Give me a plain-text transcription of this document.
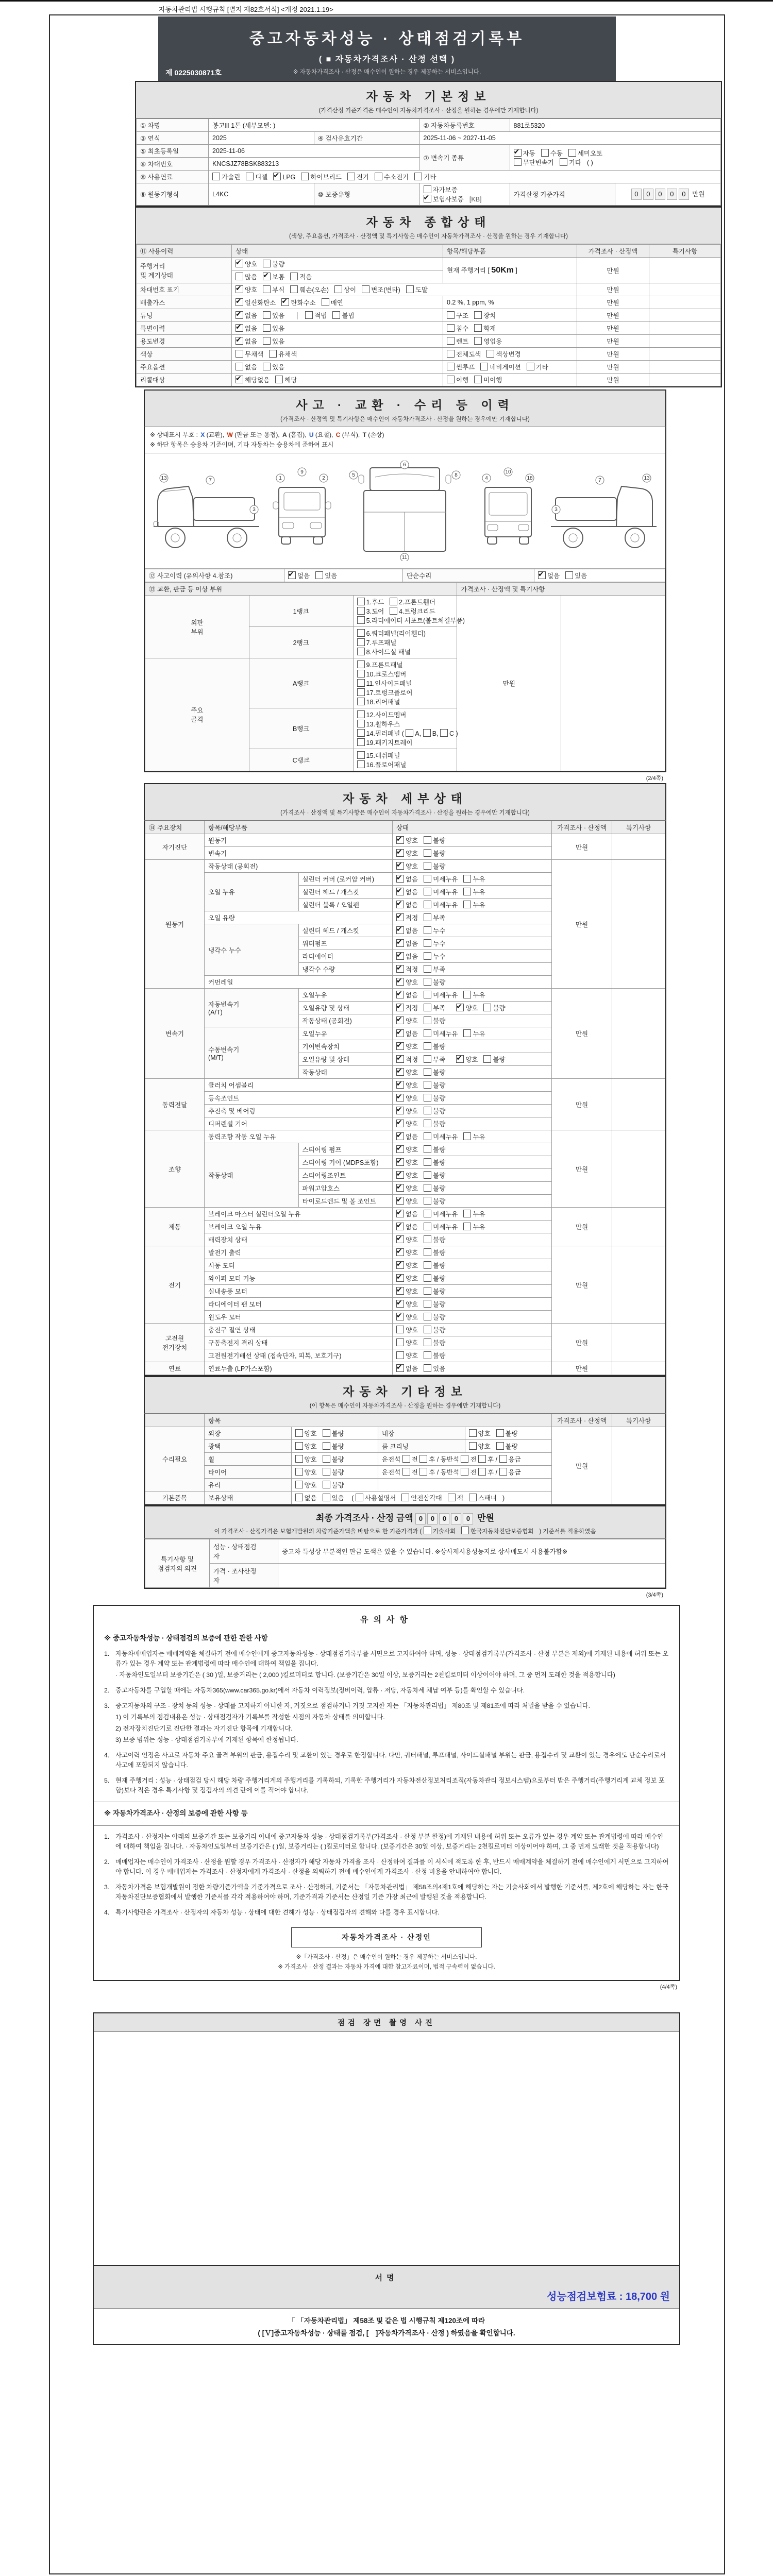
자동차관리법 시행규칙 [별지 제82호서식] <개정 2021.1.19>
중고자동차성능 · 상태점검기록부
( ■ 자동차가격조사 · 산정 선택 )
※ 자동차가격조사 · 산정은 매수인이 원하는 경우 제공하는 서비스입니다.
제 0225030871호
자동차 기본정보
(가격산정 기준가격은 매수인이 자동차가격조사 · 산정을 원하는 경우에만 기재합니다)
① 차명	봉고Ⅲ 1톤 (세부모델: )		② 자동차등록번호	881로5320	
③ 연식	2025	④ 검사유효기간	2025-11-06 ~ 2027-11-05		
⑤ 최초등록일	2025-11-06		⑦ 변속기 종류	✔자동 수동 세미오토
무단변속기 기타 ( )
⑥ 차대번호	KNCSJZ78BSK883213				
⑧ 사용연료	가솔린 디젤 ✔ LPG 하이브리드 전기 수소전기 기타
⑨ 원동기형식	L4KC	⑩ 보증유형	자가보증✔보험사보증 [KB]	가격산정 기준가격	0 0 0 0 0 만원
자동차 종합상태
(색상, 주요옵션, 가격조사 · 산정액 및 특기사항은 매수인이 자동차가격조사 · 산정을 원하는 경우 기재합니다)
⑪ 사용이력	상태	항목/해당부품	가격조사 · 산정액	특기사항
주행거리
및 계기상태	✔양호 불량	현재 주행거리 [ 50Km ]	만원	
	많음 ✔ 보통 적음
차대번호 표기	✔양호 부식 훼손(오손) 상이 변조(변타) 도말		만원	
배출가스	✔일산화탄소 ✔ 탄화수소 매연	0.2 %, 1 ppm, %	만원	
튜닝	✔없음 있음 적법 불법	구조 장치	만원	
특별이력	✔없음 있음	침수 화재	만원	
용도변경	✔없음 있음	렌트 영업용	만원	
색상	무채색 유채색	전체도색 색상변경	만원	
주요옵션	없음 있음	썬루프 네비게이션 기타	만원	
리콜대상	✔해당없음 해당	이행 미이행	만원	
사고 · 교환 · 수리 등 이력
(가격조사 · 산정액 및 특기사항은 매수인이 자동차가격조사 · 산정을 원하는 경우에만 기재합니다)
※ 상태표시 부호 : X (교환), W (판금 또는 용접), A (흠집), U (요철), C (부식), T (손상)
※ 하단 항목은 승용차 기준이며, 기타 자동차는 승용차에 준하여 표시
13	7
3
1
9
2
5
6
8
11
4
10
18
3
7	13
⑫ 사고이력 (유의사항 4.참조)	✔없음 있음	단순수리	✔없음 있음
⑬ 교환, 판금 등 이상 부위			가격조사 · 산정액 및 특기사항	
외판
부위	1랭크	1.후드 2.프론트휀더3.도어 4.트렁크리드5.라디에이터 서포트(볼트체결부품)	만원	
	2랭크	6.쿼터패널(리어휀더)7.루프패널8.사이드실 패널		
주요
골격	A랭크	9.프론트패널10.크로스멤버11.인사이드패널17.트렁크플로어18.리어패널		
	B랭크	12.사이드멤버13.휠하우스14.필러패널 ( A, B, C )19.패키지트레이		
	C랭크	15.대쉬패널16.플로어패널		
(2/4쪽)
자동차 세부상태
(가격조사 · 산정액 및 특기사항은 매수인이 자동차가격조사 · 산정을 원하는 경우에만 기재합니다)
⑭ 주요장치	항목/해당부품		상태	가격조사 · 산정액	특기사항
자기진단	원동기	✔양호 불량	만원	
	변속기	✔양호 불량
원동기	작동상태 (공회전)	✔양호 불량	만원	
	오일 누유	실린더 커버 (로커암 커버)	✔없음 미세누유 누유
		실린더 헤드 / 개스킷	✔없음 미세누유 누유
		실린더 블록 / 오일팬	✔없음 미세누유 누유
	오일 유량	✔적정 부족
	냉각수 누수	실린더 헤드 / 개스킷	✔없음 누수
		워터펌프	✔없음 누수
		라디에이터	✔없음 누수
		냉각수 수량	✔적정 부족
	커먼레일	✔양호 불량
변속기	자동변속기
(A/T)	오일누유	✔없음 미세누유 누유	만원	
		오일유량 및 상태	✔적정 부족 ✔ 양호 불량
		작동상태 (공회전)	✔양호 불량
	수동변속기
(M/T)	오일누유	✔없음 미세누유 누유
		기어변속장치	✔양호 불량
		오일유량 및 상태	✔적정 부족 ✔ 양호 불량
		작동상태	✔양호 불량
동력전달	클러치 어셈블리	✔양호 불량	만원	
	등속조인트	✔양호 불량
	추진축 및 베어링	✔양호 불량
	디퍼렌셜 기어	✔양호 불량
조향	동력조향 작동 오일 누유	✔없음 미세누유 누유	만원	
	작동상태	스티어링 펌프	✔양호 불량
		스티어링 기어 (MDPS포함)	✔양호 불량
		스티어링조인트	✔양호 불량
		파워고압호스	✔양호 불량
		타이로드엔드 및 볼 조인트	✔양호 불량
제동	브레이크 마스터 실린더오일 누유	✔없음 미세누유 누유	만원	
	브레이크 오일 누유	✔없음 미세누유 누유
	배력장치 상태	✔양호 불량
전기	발전기 출력	✔양호 불량	만원	
	시동 모터	✔양호 불량
	와이퍼 모터 기능	✔양호 불량
	실내송풍 모터	✔양호 불량
	라디에이터 팬 모터	✔양호 불량
	윈도우 모터	✔양호 불량
고전원
전기장치	충전구 절연 상태		양호 불량	만원	
	구동축전지 격리 상태		양호 불량		
	고전원전기배선 상태 (접속단자, 피복, 보호기구)		양호 불량		
연료	연료누출 (LP가스포함)	✔없음 있음	만원	
자동차 기타정보
(이 항목은 매수인이 자동차가격조사 · 산정을 원하는 경우에만 기재합니다)
	항목				가격조사 · 산정액	특기사항
수리필요	외장	양호 불량	내장	양호 불량	만원	
	광택	양호 불량	룸 크리닝	양호 불량		
	휠	양호 불량	운전석 전 후 / 동반석 전 후 / 응급			
	타이어	양호 불량	운전석 전 후 / 동반석 전 후 / 응급			
	유리	양호 불량				
기본품목	보유상태	없음 있음 ( 사용설명서 안전삼각대 잭 스패너 )				
최종 가격조사 · 산정 금액 0 0 0 0 0 만원
이 가격조사 · 산정가격은 보험개발원의 차량기준가액을 바탕으로 한 기준가격과 ( 기술사회	한국자동차진단보증협회 ) 기준서를 적용하였음
특기사항 및
점검자의 의견	성능 · 상태점검
자	중고차 특성상 부분적인 판금 도색은 있을 수 있습니다. ※상사제시용성능지로 상사매도시 사용불가함※
	가격 · 조사산정
자	
(3/4쪽)
유의사항
※ 중고자동차성능 · 상태점검의 보증에 관한 관한 사항
1. 자동차매매업자는 매매계약을 체결하기 전에 매수인에게 중고자동차성능 · 상태점검기록부를 서면으로 고지하여야 하며, 성능 · 상태점검기록부(가격조사 · 산정 부분은 제외)에 기재된 내용에 허위 또는 오류가 있는 경우 계약 또는 관계법령에 따라 매수인에 대하여 책임을 집니다.
· 자동차인도일부터 보증기간은 ( 30 )일, 보증거리는 ( 2,000 )킬로미터로 합니다. (보증기간은 30일 이상, 보증거리는 2천킬로미터 이상이어야 하며, 그 중 먼저 도래한 것을 적용합니다)
2. 중고자동차를 구입할 때에는 자동차365(www.car365.go.kr)에서 자동차 이력정보(정비이력, 압류 · 저당, 자동차세 체납 여부 등)를 확인할 수 있습니다.
3. 중고자동차의 구조 · 장치 등의 성능 · 상태를 고지하지 아니한 자, 거짓으로 점검하거나 거짓 고지한 자는 「자동차관리법」 제80조 및 제81조에 따라 처벌을 받을 수 있습니다.
1) 이 기록부의 점검내용은 성능 · 상태점검자가 기록부를 작성한 시점의 자동차 상태를 의미합니다.
2) 전자장치진단기로 진단한 결과는 자기진단 항목에 기재합니다.
3) 보증 범위는 성능 · 상태점검기록부에 기재된 항목에 한정됩니다.
4. 사고이력 인정은 사고로 자동차 주요 골격 부위의 판금, 용접수리 및 교환이 있는 경우로 한정합니다. 다만, 쿼터패널, 루프패널, 사이드실패널 부위는 판금, 용접수리 및 교환이 있는 경우에도 단순수리로서 사고에 포함되지 않습니다.
5. 현재 주행거리 : 성능 · 상태점검 당시 해당 차량 주행거리계의 주행거리를 기록하되, 기록한 주행거리가 자동차전산정보처리조직(자동차관리 정보시스템)으로부터 받은 주행거리(주행거리계 교체 정보 포함)보다 적은 경우 특기사항 및 점검자의 의견 란에 이를 적어야 합니다.
※ 자동차가격조사 · 산정의 보증에 관한 사항 등
1. 가격조사 · 산정자는 아래의 보증기간 또는 보증거리 이내에 중고자동차 성능 · 상태점검기록부(가격조사 · 산정 부분 한정)에 기재된 내용에 허위 또는 오류가 있는 경우 계약 또는 관계법령에 따라 매수인에 대하여 책임을 집니다. · 자동차인도일부터 보증기간은 ( )일, 보증거리는 ( )킬로미터로 합니다. (보증기간은 30일 이상, 보증거리는 2천킬로미터 이상이어야 하며, 그 중 먼저 도래한 것을 적용합니다)
2. 매매업자는 매수인이 가격조사 · 산정을 원할 경우 가격조사 · 산정자가 해당 자동차 가격을 조사 · 산정하여 결과를 이 서식에 적도록 한 후, 반드시 매매계약을 체결하기 전에 매수인에게 서면으로 고지하여야 합니다. 이 경우 매매업자는 가격조사 · 산정자에게 가격조사 · 산정을 의뢰하기 전에 매수인에게 가격조사 · 산정 비용을 안내하여야 합니다.
3. 자동차가격은 보험개발원이 정한 차량기준가액을 기준가격으로 조사 · 산정하되, 기준서는 「자동차관리법」 제58조의4제1호에 해당하는 자는 기술사회에서 발행한 기준서를, 제2호에 해당하는 자는 한국자동차진단보증협회에서 발행한 기준서를 각각 적용하여야 하며, 기준가격과 기준서는 산정일 기준 가장 최근에 발행된 것을 적용합니다.
4. 특기사항란은 가격조사 · 산정자의 자동차 성능 · 상태에 대한 견해가 성능 · 상태점검자의 견해와 다를 경우 표시합니다.
자동차가격조사 · 산정인
※「가격조사 · 산정」은 매수인이 원하는 경우 제공하는 서비스입니다.
※ 가격조사 · 산정 결과는 자동차 가격에 대한 참고자료이며, 법적 구속력이 없습니다.
(4/4쪽)
점검 장면 촬영 사진
서명
성능점검보험료 : 18,700 원
「 「자동차관리법」 제58조 및 같은 법 시행규칙 제120조에 따라
( [Ｖ]중고자동차성능 · 상태를 점검, [　]자동차가격조사 · 산정 ) 하였음을 확인합니다.
